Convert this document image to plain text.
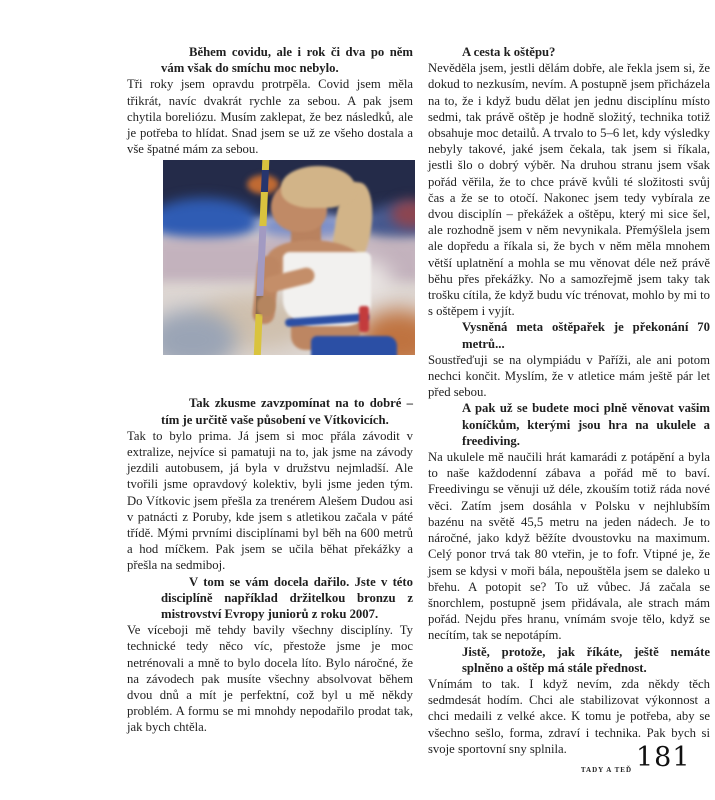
Během covidu, ale i rok či dva po něm vám však do smíchu moc nebylo.

Tři roky jsem opravdu protrpěla. Covid jsem měla třikrát, navíc dvakrát rychle za sebou. A pak jsem chytila boreliózu. Musím zaklepat, že bez následků, ale je potřeba to hlídat. Snad jsem se už ze všeho dostala a vše špatné mám za sebou.

Tak zkusme zavzpomínat na to dobré – tím je určitě vaše působení ve Vítkovicích.

Tak to bylo prima. Já jsem si moc přála závodit v extralize, nejvíce si pamatuji na to, jak jsme na závody jezdili autobusem, já byla v družstvu nejmladší. Ale tvořili jsme opravdový kolektiv, byli jsme jeden tým. Do Vítkovic jsem přešla za trenérem Alešem Dudou asi v patnácti z Poruby, kde jsem s atletikou začala v páté třídě. Mými prvními disciplínami byl běh na 600 metrů a hod míčkem. Pak jsem se učila běhat překážky a přešla na sedmiboj.

V tom se vám docela dařilo. Jste v této disciplíně například držitelkou bronzu z mistrovství Evropy juniorů z roku 2007.

Ve víceboji mě tehdy bavily všechny disciplíny. Ty technické tedy něco víc, přestože jsme je moc netrénovali a mně to bylo docela líto. Bylo náročné, že na závodech pak musíte všechny absolvovat během dvou dnů a mít je perfektní, což byl u mě někdy problém. A formu se mi mnohdy nepodařilo prodat tak, jak bych chtěla.

A cesta k oštěpu?

Nevěděla jsem, jestli dělám dobře, ale řekla jsem si, že dokud to nezkusím, nevím. A postupně jsem přicházela na to, že i když budu dělat jen jednu disciplínu místo sedmi, tak právě oštěp je hodně složitý, technika totiž obsahuje moc detailů. A trvalo to 5–6 let, kdy výsledky nebyly takové, jaké jsem čekala, tak jsem si říkala, jestli šlo o dobrý výběr. Na druhou stranu jsem však pořád věřila, že to chce právě kvůli té složitosti svůj čas a že se to otočí. Nakonec jsem tedy vybírala ze dvou disciplín – překážek a oštěpu, který mi sice šel, ale rozhodně jsem v něm nevynikala. Přemýšlela jsem ale dopředu a říkala si, že bych v něm měla mnohem větší uplatnění a mohla se mu věnovat déle než právě běhu přes překážky. No a samozřejmě jsem taky tak trošku cítila, že když budu víc trénovat, mohlo by mi to s oštěpem i vyjít.

Vysněná meta oštěpařek je překonání 70 metrů...

Soustřeďuji se na olympiádu v Paříži, ale ani potom nechci končit. Myslím, že v atletice mám ještě pár let před sebou.

A pak už se budete moci plně věnovat vašim koníčkům, kterými jsou hra na ukulele a freediving.

Na ukulele mě naučili hrát kamarádi z potápění a byla to naše každodenní zábava a pořád mě to baví. Freedivingu se věnuji už déle, zkouším totiž ráda nové věci. Zatím jsem dosáhla v Polsku v nejhlubším bazénu na světě 45,5 metru na jeden nádech. Je to náročné, jako když běžíte dvoustovku na maximum. Celý ponor trvá tak 80 vteřin, je to fofr. Vtipné je, že jsem se kdysi v moři bála, nepouštěla jsem se daleko u břehu. A potopit se? To už vůbec. Já začala se šnorchlem, postupně jsem přidávala, ale strach mám pořád. Nejdu přes hranu, vnímám svoje tělo, když se necítím, tak se nepotápím.

Jistě, protože, jak říkáte, ještě nemáte splněno a oštěp má stále přednost.

Vnímám to tak. I když nevím, zda někdy těch sedmdesát hodím. Chci ale stabilizovat výkonnost a chci medaili z velké akce. K tomu je potřeba, aby se všechno sešlo, forma, zdraví i technika. Pak bych si svoje sportovní sny splnila.

TADY A TEĎ 181
